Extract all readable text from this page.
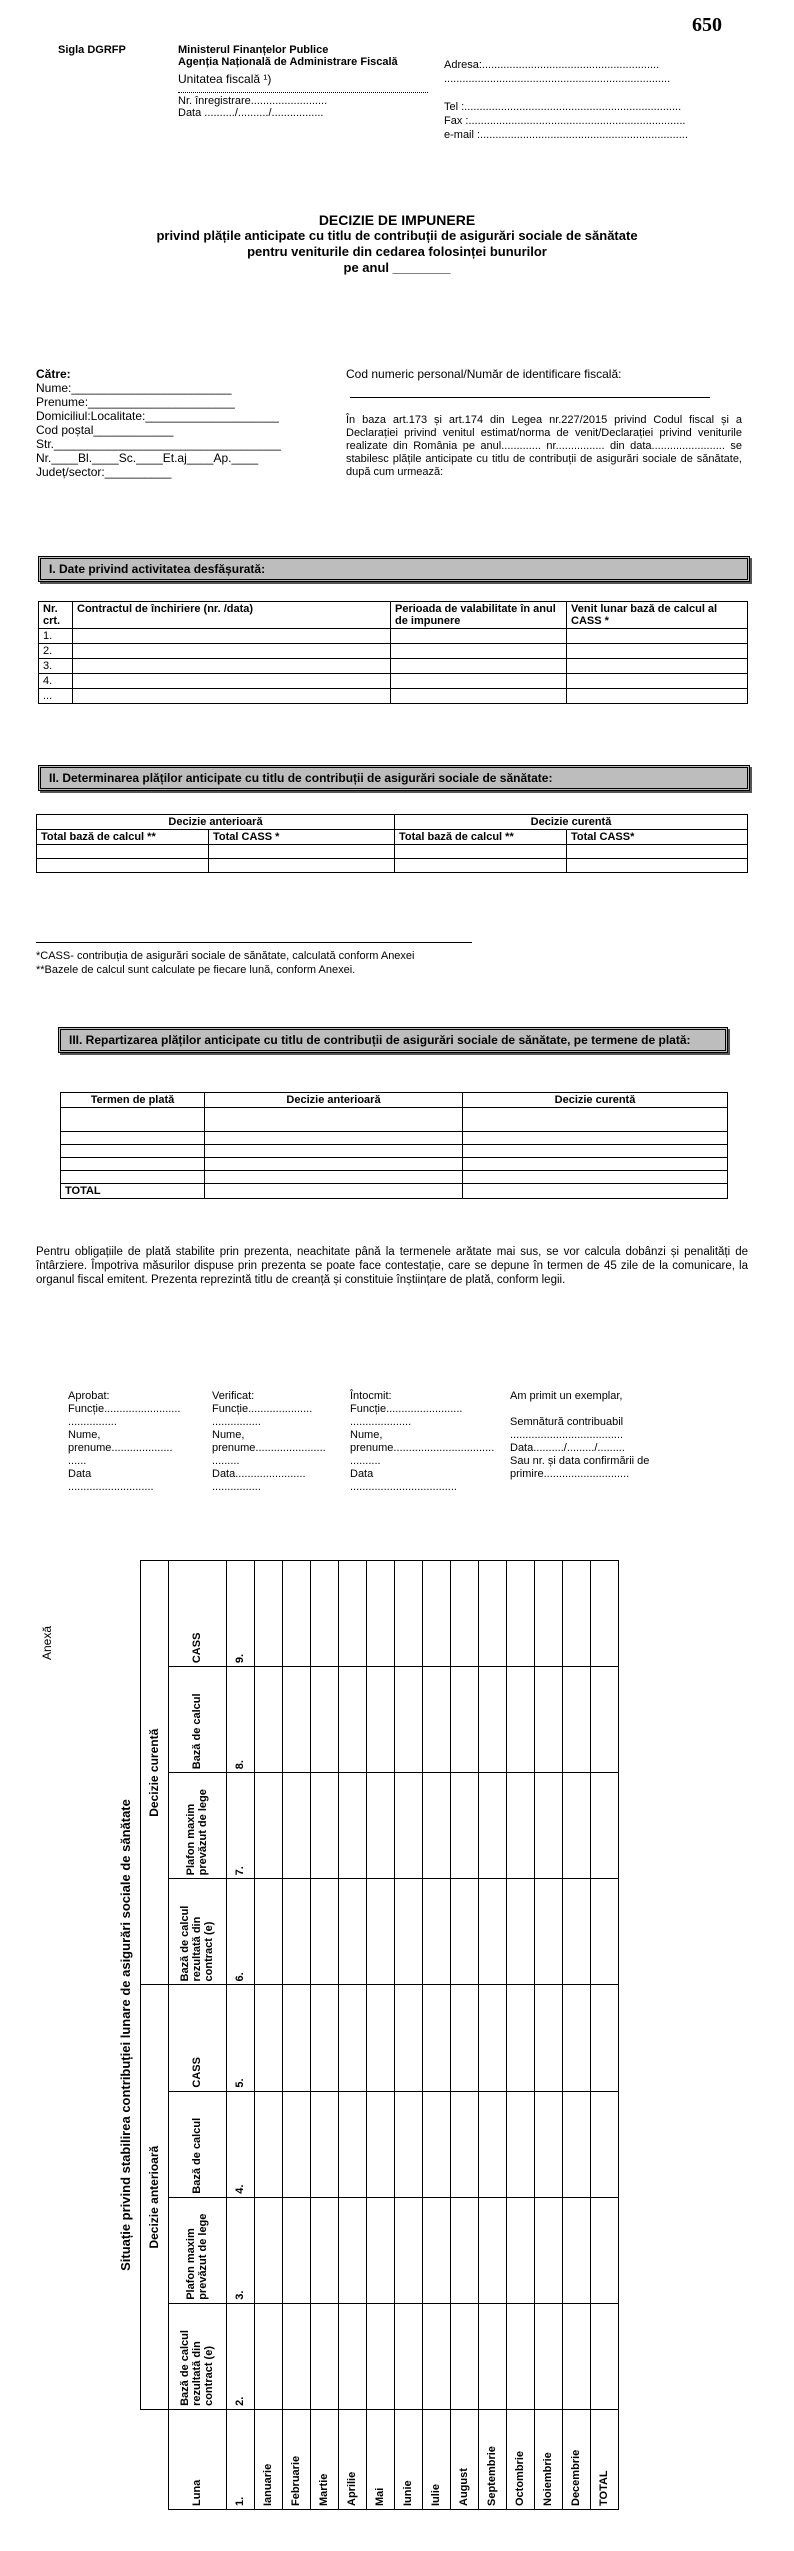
650
Sigla DGRFP	Ministerul Finanțelor Publice
Agenția Națională de Administrare Fiscală
Unitatea fiscală ¹)
Nr. înregistrare.........................
Data ........../........../.................
Adresa:..........................................................
..........................................................................
Tel :.......................................................................
Fax :.......................................................................
e-mail :....................................................................
DECIZIE DE IMPUNERE
privind plățile anticipate cu titlu de contribuții de asigurări sociale de sănătate
pentru veniturile din cedarea folosinței bunurilor
pe anul ________
Către:
Nume:________________________
Prenume:______________________
Domiciliul:Localitate:____________________
Cod poștal____________
Str.__________________________________
Nr.____Bl.____Sc.____Et.aj____Ap.____
Județ/sector:__________
Cod numeric personal/Număr de identificare fiscală:
În baza art.173 și art.174 din Legea nr.227/2015 privind Codul fiscal și a Declarației privind venitul estimat/norma de venit/Declarației privind veniturile realizate din România pe anul............. nr................ din data........................ se stabilesc plățile anticipate cu titlu de contribuții de asigurări sociale de sănătate, după cum urmează:
I. Date privind activitatea desfășurată:
Nr. crt.	Contractul de închiriere (nr. /data)	Perioada de valabilitate în anul de impunere	Venit lunar bază de calcul al CASS *
1.			
2.			
3.			
4.			
...			
II. Determinarea plăților anticipate cu titlu de contribuții de asigurări sociale de sănătate:
Decizie anterioară		Decizie curentă	
Total bază de calcul **	Total CASS *	Total bază de calcul **	Total CASS*

*CASS- contribuția de asigurări sociale de sănătate, calculată conform Anexei
**Bazele de calcul sunt calculate pe fiecare lună, conform Anexei.
III. Repartizarea plăților anticipate cu titlu de contribuții de asigurări sociale de sănătate, pe termene de plată:
Termen de plată	Decizie anterioară	Decizie curentă

TOTAL		
Pentru obligațiile de plată stabilite prin prezenta, neachitate până la termenele arătate mai sus, se vor calcula dobânzi și penalități de întârziere. Împotriva măsurilor dispuse prin prezenta se poate face contestație, care se depune în termen de 45 zile de la comunicare, la organul fiscal emitent. Prezenta reprezintă titlu de creanță și constituie înștiințare de plată, conform legii.
Aprobat:
Funcție.........................
................
Nume,
prenume....................
......
Data
............................
Verificat:
Funcție.....................
................
Nume,
prenume.......................
.........
Data.......................
................
Întocmit:
Funcție.........................
....................
Nume,
prenume.................................
..........
Data
...................................
Am primit un exemplar,
Semnătură contribuabil
.....................................
Data........../........./.........
Sau nr. și data confirmării de
primire............................
Anexă
Situație privind stabilirea contribuției lunare de asigurări sociale de sănătate								
	Decizie anterioară				Decizie curentă			

Luna	Bază de calcul rezultată din contract (e)	Plafon maxim prevăzut de lege	Bază de calcul	CASS	Bază de calcul rezultată din contract (e)	Plafon maxim prevăzut de lege	Bază de calcul	CASS
1.	2.	3.	4.	5.	6.	7.	8.	9.
Ianuarie								
Februarie								
Martie								
Aprilie								
Mai								
Iunie								
Iulie								
August								
Septembrie								
Octombrie								
Noiembrie								
Decembrie								
TOTAL								
